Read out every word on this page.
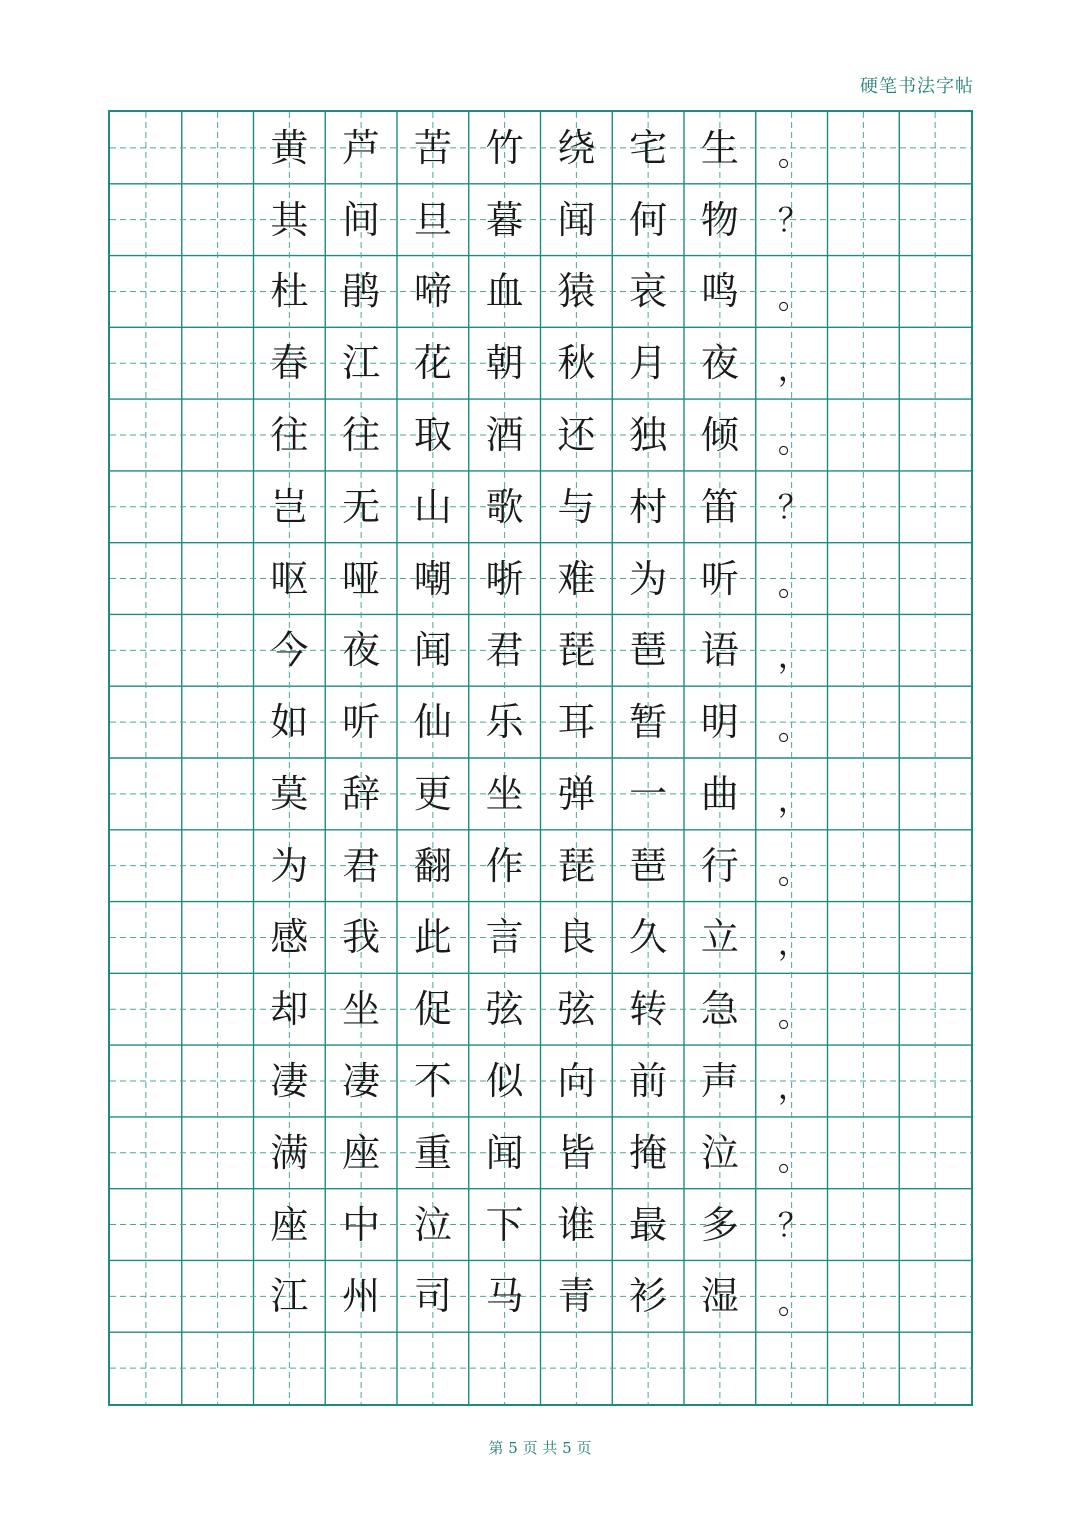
硬笔书法字帖
黄 芦 苦 竹 绕 宅 生	。
其 间 旦 暮 闻 何 物	？
杜 鹃 啼 血 猿 哀 鸣	。
春 江 花 朝 秋 月 夜	，
往 往 取 酒 还 独 倾	。
岂 无 山 歌 与 村 笛	？
呕 哑 嘲 哳 难 为 听	。
今 夜 闻 君 琵 琶 语	，
如 听 仙 乐 耳 暂 明	。
莫 辞 更 坐 弹 一 曲	，
为 君 翻 作 琵 琶 行	。
感 我 此 言 良 久 立	，
却 坐 促 弦 弦 转 急	。
凄 凄 不 似 向 前 声	，
满 座 重 闻 皆 掩 泣	。
座 中 泣 下 谁 最 多	？
江 州 司 马 青 衫 湿	。
第 5 页 共 5 页
